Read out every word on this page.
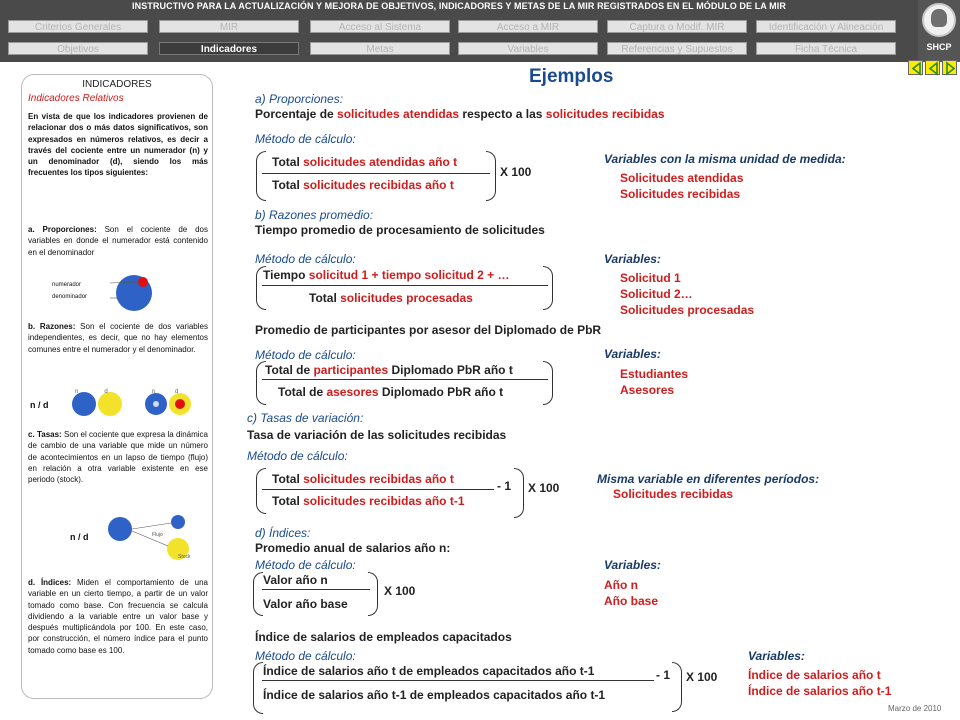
INSTRUCTIVO PARA LA ACTUALIZACIÓN Y MEJORA DE OBJETIVOS, INDICADORES Y METAS DE LA MIR REGISTRADOS EN EL MÓDULO DE LA MIR
Criterios Generales	MIR	Acceso al Sistema	Acceso a MIR	Captura o Modif. MIR	Identificación y Alineación
Objetivos	Indicadores	Metas	Variables	Referencias y Supuestos	Ficha Técnica	SHCP
INDICADORES
Indicadores Relativos
En vista de que los indicadores provienen de relacionar dos o más datos significativos, son expresados en números relativos, es decir a través del cociente entre un numerador (n) y un denominador (d), siendo los más frecuentes los tipos siguientes:
a. Proporciones: Son el cociente de dos variables en donde el numerador está contenido en el denominador
numerador
denominador
b. Razones: Son el cociente de dos variables independientes, es decir, que no hay elementos comunes entre el numerador y el denominador.
n / d
n	d	n	d
c. Tasas: Son el cociente que expresa la dinámica de cambio de una variable que mide un número de acontecimientos en un lapso de tiempo (flujo) en relación a otra variable existente en ese periodo (stock).
n / d	Flujo
Stock
d. Índices: Miden el comportamiento de una variable en un cierto tiempo, a partir de un valor tomado como base. Con frecuencia se calcula dividiendo a la variable entre un valor base y después multiplicándola por 100. En este caso, por construcción, el número índice para el punto tomado como base es 100.
Ejemplos
a) Proporciones:
Porcentaje de solicitudes atendidas respecto a las solicitudes recibidas
Método de cálculo:
Total solicitudes atendidas año t
Total solicitudes recibidas año t
X 100
Variables con la misma unidad de medida:
Solicitudes atendidas
Solicitudes recibidas
b) Razones promedio:
Tiempo promedio de procesamiento de solicitudes
Método de cálculo:
Tiempo solicitud 1 + tiempo solicitud 2 + …
Total solicitudes procesadas
Variables:
Solicitud 1
Solicitud 2…
Solicitudes procesadas
Promedio de participantes por asesor del Diplomado de PbR
Método de cálculo:
Total de participantes Diplomado PbR año t
Total de asesores Diplomado PbR año t
Variables:
Estudiantes
Asesores
c) Tasas de variación:
Tasa de variación de las solicitudes recibidas
Método de cálculo:
Total solicitudes recibidas año t
Total solicitudes recibidas año t-1
- 1 X 100
Misma variable en diferentes períodos:
Solicitudes recibidas
d) Índices:
Promedio anual de salarios año n:
Método de cálculo:
Valor año n
Valor año base
X 100
Variables:
Año n
Año base
Índice de salarios de empleados capacitados
Método de cálculo:
Índice de salarios año t de empleados capacitados año t-1
Índice de salarios año t-1 de empleados capacitados año t-1
- 1 X 100
Variables:
Índice de salarios año t
Índice de salarios año t-1
Marzo de 2010
